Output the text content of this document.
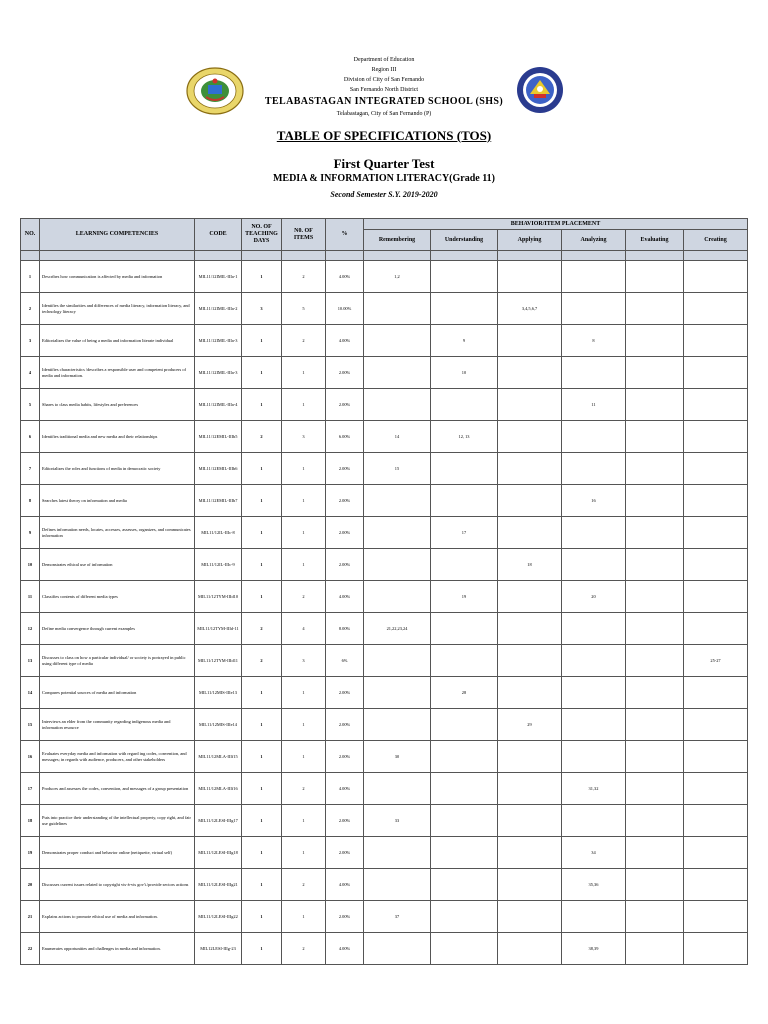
Department of Education
Region III
Division of City of San Fernando
San Fernando North District
TELABASTAGAN INTEGRATED SCHOOL (SHS)
Telabastagan, City of San Fernando (P)
TABLE OF SPECIFICATIONS (TOS)
First Quarter Test
MEDIA & INFORMATION LITERACY(Grade 11)
Second Semester S.Y. 2019-2020
NO.	LEARNING COMPETENCIES	CODE	NO. OF TEACHING DAYS	N0. OF ITEMS	%	BEHAVIOR/ITEM PLACEMENT					
						Remembering	Understanding	Applying	Analyzing	Evaluating	Creating

1	Describes how communication is affected by media and information	MIL11/12IMIL-IIIa-1	1	2	4.00%	1,2					
2	Identifies the similarities and differences of media literacy, information literacy, and technology literacy	MIL11/12IMIL-IIIa-2	3	5	10.00%			3,4,5,6,7			
3	Editorializes the value of being a media and information literate individual	MIL11/12IMIL-IIIa-3	1	2	4.00%		9		8		
4	Identifies characteristics /describes a responsible user and competent producers of media and information.	MIL11/12IMIL-IIIa-3	1	1	2.00%		10				
5	Shares to class media habits, lifestyles and preferences	MIL11/12IMIL-IIIa-4	1	1	2.00%				11		
6	Identifies traditional media and new media and their relationships	MIL11/12EMIL-IIIb5	2	3	6.00%	14	12, 13				
7	Editorializes the roles and functions of media in democratic society	MIL11/12EMIL-IIIb6	1	1	2.00%	15					
8	Searches latest theory on information and media	MIL11/12EMIL-IIIb7	1	1	2.00%				16		
9	Defines information needs, locates, accesses, assesses, organizes, and communicates information	MIL11/12IL-IIIc-8	1	1	2.00%		17				
10	Demonstrates ethical use of information	MIL11/12IL-IIIc-9	1	1	2.00%			18			
11	Classifies contents of different media types	MIL11/12TYM-IIId10	1	2	4.00%		19		20		
12	Define media convergence through current examples	MIL11/12TYM-IIId-11	2	4	8.00%	21,22,23,24					
13	Discusses to class on how a particular individual/ or society is portrayed in public using different type of media	MIL11/12TYM-IIId11	2	3	6%						25-27
14	Compares potential sources of media and information	MIL11/12MIS-IIIe13	1	1	2.00%		28				
15	Interviews an elder from the community regarding indigenous media and information resource	MIL11/12MIS-IIIe14	1	1	2.00%			29			
16	Evaluates everyday media and information with regard ing codes, convention, and messages; in regards with audience, producers, and other stakeholders	MIL11/12MLA-IIIf15	1	1	2.00%	30					
17	Produces and assesses the codes, convention, and messages of a group presentation	MIL11/12MLA-IIIf16	1	2	4.00%				31,32		
18	Puts into practice their understanding of the intellectual property, copy right, and fair use guidelines	MIL11/12LESI-IIIg17	1	1	2.00%	33					
19	Demonstrates proper conduct and behavior online (netiquette, virtual self)	MIL11/12LESI-IIIg18	1	1	2.00%				34		
20	Discusses current issues related to copyright vis-à-vis gov't./provide sectors actions	MIL11/12LESI-IIIg21	1	2	4.00%				35,36		
21	Explains actions to promote ethical use of media and information.	MIL11/12LESI-IIIg22	1	1	2.00%	37					
22	Enumerates opportunities and challenges in media and information.	MIL12LESI-IIIg-23	1	2	4.00%				38,39		
